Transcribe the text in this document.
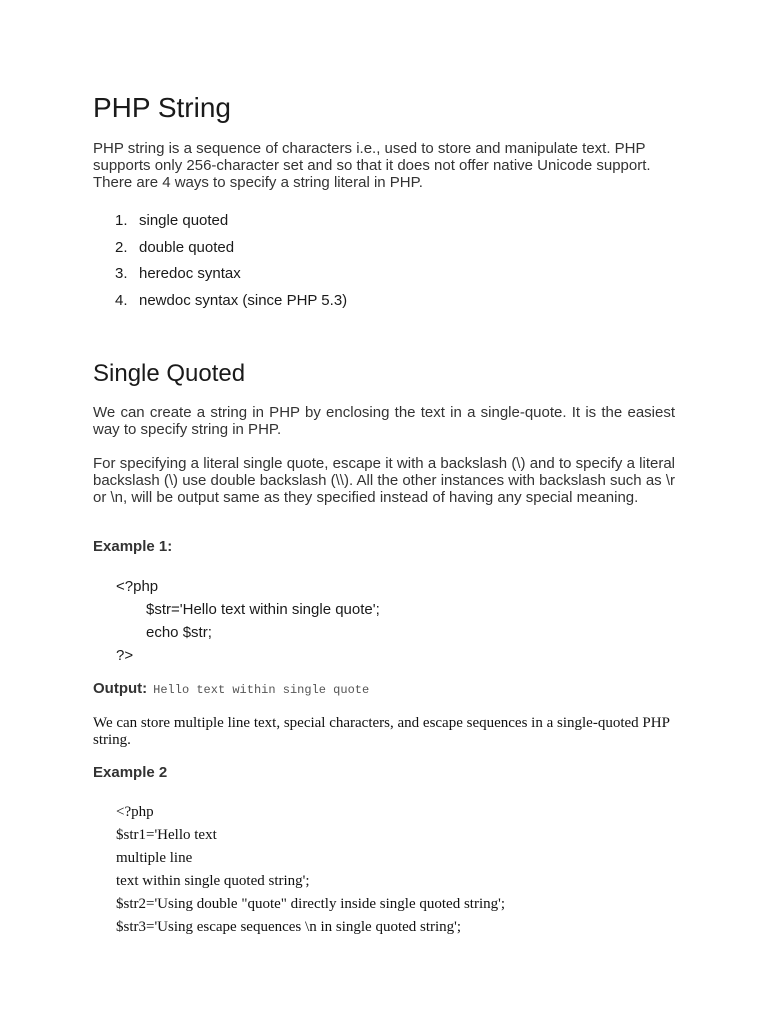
PHP String

PHP string is a sequence of characters i.e., used to store and manipulate text. PHP supports only 256-character set and so that it does not offer native Unicode support. There are 4 ways to specify a string literal in PHP.

1. single quoted
2. double quoted
3. heredoc syntax
4. newdoc syntax (since PHP 5.3)
Single Quoted

We can create a string in PHP by enclosing the text in a single-quote. It is the easiest way to specify string in PHP.

For specifying a literal single quote, escape it with a backslash (\) and to specify a literal backslash (\) use double backslash (\\). All the other instances with backslash such as \r or \n, will be output same as they specified instead of having any special meaning.

Example 1:
<?php
$str='Hello text within single quote';
echo $str;
?>
Output: Hello text within single quote

We can store multiple line text, special characters, and escape sequences in a single-quoted PHP string.

Example 2
<?php
$str1='Hello text
multiple line
text within single quoted string';
$str2='Using double "quote" directly inside single quoted string';
$str3='Using escape sequences \n in single quoted string';
